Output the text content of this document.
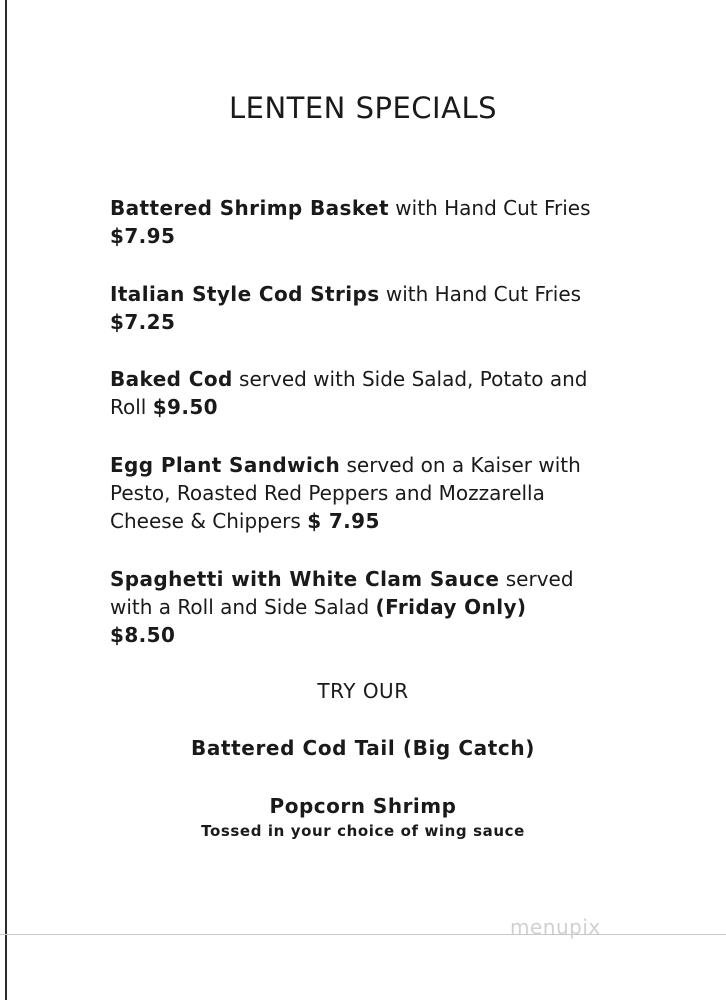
LENTEN SPECIALS
Battered Shrimp Basket with Hand Cut Fries
$7.95
Italian Style Cod Strips with Hand Cut Fries
$7.25
Baked Cod served with Side Salad, Potato and Roll $9.50
Egg Plant Sandwich served on a Kaiser with Pesto, Roasted Red Peppers and Mozzarella Cheese & Chippers $ 7.95
Spaghetti with White Clam Sauce served with a Roll and Side Salad (Friday Only)
$8.50
TRY OUR
Battered Cod Tail (Big Catch)
Popcorn Shrimp
Tossed in your choice of wing sauce
menupix
